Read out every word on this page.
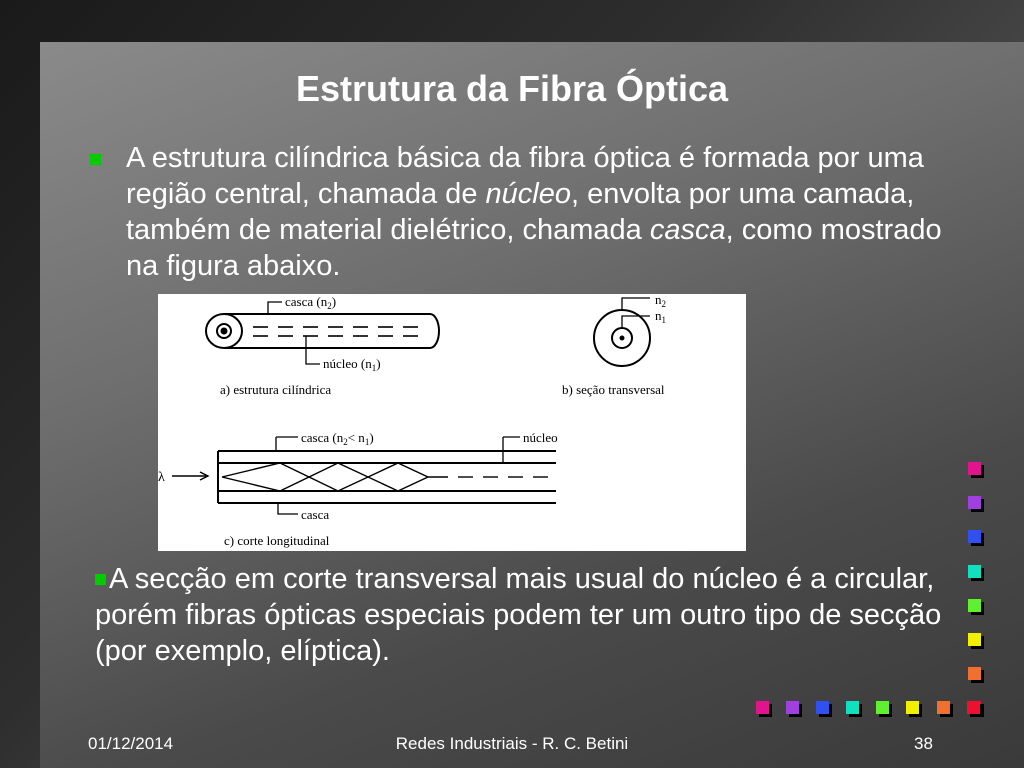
Estrutura da Fibra Óptica
A estrutura cilíndrica básica da fibra óptica é formada por uma região central, chamada de núcleo, envolta por uma camada, também de material dielétrico, chamada casca, como mostrado na figura abaixo.
casca $(n_2)$
núcleo $(n_1)$
a) estrutura cilíndrica
$n_2$
$n_1$
b) seção transversal
λ
casca $(n_2< n_1)$	núcleo
casca
c) corte longitudinal
A secção em corte transversal mais usual do núcleo é a circular, porém fibras ópticas especiais podem ter um outro tipo de secção (por exemplo, elíptica).
01/12/2014	Redes Industriais - R. C. Betini	38
